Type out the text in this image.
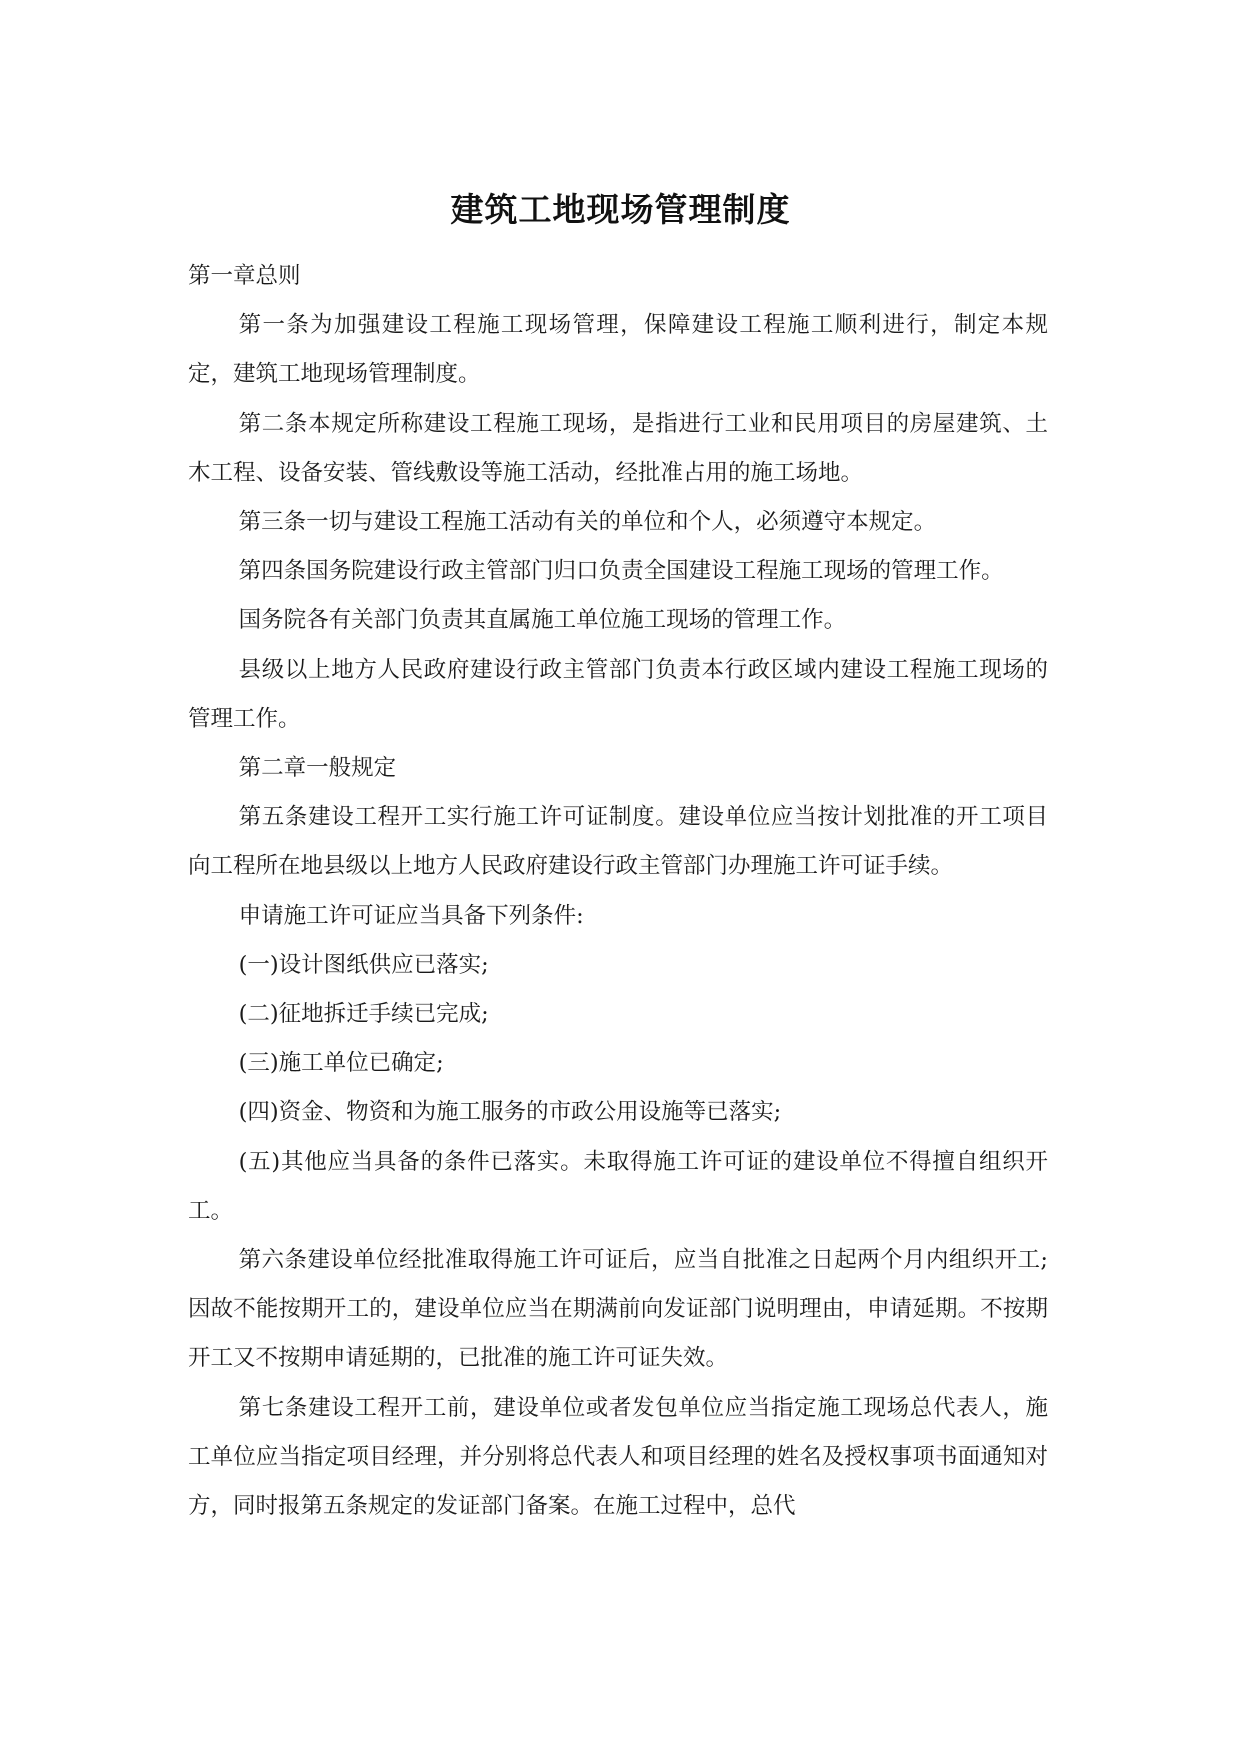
建筑工地现场管理制度

第一章总则

第一条为加强建设工程施工现场管理，保障建设工程施工顺利进行，制定本规定，建筑工地现场管理制度。

第二条本规定所称建设工程施工现场，是指进行工业和民用项目的房屋建筑、土木工程、设备安装、管线敷设等施工活动，经批准占用的施工场地。

第三条一切与建设工程施工活动有关的单位和个人，必须遵守本规定。

第四条国务院建设行政主管部门归口负责全国建设工程施工现场的管理工作。

国务院各有关部门负责其直属施工单位施工现场的管理工作。

县级以上地方人民政府建设行政主管部门负责本行政区域内建设工程施工现场的管理工作。

第二章一般规定

第五条建设工程开工实行施工许可证制度。建设单位应当按计划批准的开工项目向工程所在地县级以上地方人民政府建设行政主管部门办理施工许可证手续。

申请施工许可证应当具备下列条件:

(一)设计图纸供应已落实;

(二)征地拆迁手续已完成;

(三)施工单位已确定;

(四)资金、物资和为施工服务的市政公用设施等已落实;

(五)其他应当具备的条件已落实。未取得施工许可证的建设单位不得擅自组织开工。

第六条建设单位经批准取得施工许可证后，应当自批准之日起两个月内组织开工;因故不能按期开工的，建设单位应当在期满前向发证部门说明理由，申请延期。不按期开工又不按期申请延期的，已批准的施工许可证失效。

第七条建设工程开工前，建设单位或者发包单位应当指定施工现场总代表人，施工单位应当指定项目经理，并分别将总代表人和项目经理的姓名及授权事项书面通知对方，同时报第五条规定的发证部门备案。在施工过程中，总代
